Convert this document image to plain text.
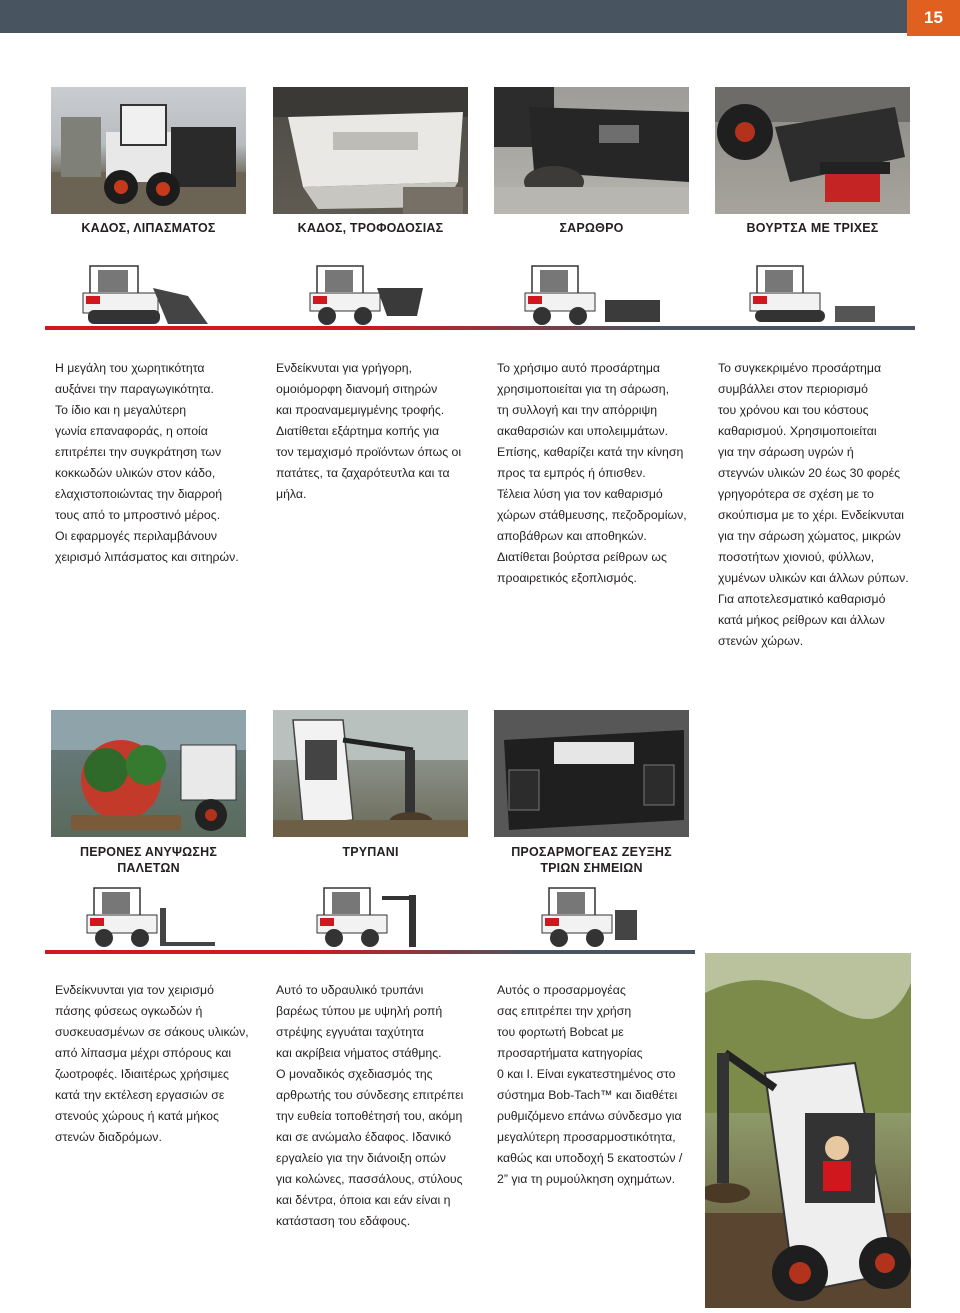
15
ΚΑΔΟΣ, ΛΙΠΑΣΜΑΤΟΣ	ΚΑΔΟΣ, ΤΡΟΦΟΔΟΣΙΑΣ	ΣΑΡΩΘΡΟ	ΒΟΥΡΤΣΑ ΜΕ ΤΡΙΧΕΣ

Η μεγάλη του χωρητικότητα

αυξάνει την παραγωγικότητα.

Το ίδιο και η μεγαλύτερη

γωνία επαναφοράς, η οποία

επιτρέπει την συγκράτηση των

κοκκωδών υλικών στον κάδο,

ελαχιστοποιώντας την διαρροή

τους από το μπροστινό μέρος.

Οι εφαρμογές περιλαμβάνουν

χειρισμό λιπάσματος και σιτηρών.

Ενδείκνυται για γρήγορη,

ομοιόμορφη διανομή σιτηρών

και προαναμεμιγμένης τροφής.

Διατίθεται εξάρτημα κοπής για

τον τεμαχισμό προϊόντων όπως οι

πατάτες, τα ζαχαρότευτλα και τα

μήλα.

Το χρήσιμο αυτό προσάρτημα

χρησιμοποιείται για τη σάρωση,

τη συλλογή και την απόρριψη

ακαθαρσιών και υπολειμμάτων.

Επίσης, καθαρίζει κατά την κίνηση

προς τα εμπρός ή όπισθεν.

Τέλεια λύση για τον καθαρισμό

χώρων στάθμευσης, πεζοδρομίων,

αποβάθρων και αποθηκών.

Διατίθεται βούρτσα ρείθρων ως

προαιρετικός εξοπλισμός.

Το συγκεκριμένο προσάρτημα

συμβάλλει στον περιορισμό

του χρόνου και του κόστους

καθαρισμού. Χρησιμοποιείται

για την σάρωση υγρών ή

στεγνών υλικών 20 έως 30 φορές

γρηγορότερα σε σχέση με το

σκούπισμα με το χέρι. Ενδείκνυται

για την σάρωση χώματος, μικρών

ποσοτήτων χιονιού, φύλλων,

χυμένων υλικών και άλλων ρύπων.

Για αποτελεσματικό καθαρισμό

κατά μήκος ρείθρων και άλλων

στενών χώρων.

ΠΕΡΟΝΕΣ ΑΝΥΨΩΣΗΣ
ΠΑΛΕΤΩΝ
ΤΡΥΠΑΝΙ	ΠΡΟΣΑΡΜΟΓΕΑΣ ΖΕΥΞΗΣ
ΤΡΙΩΝ ΣΗΜΕΙΩΝ

Ενδείκνυνται για τον χειρισμό

πάσης φύσεως ογκωδών ή

συσκευασμένων σε σάκους υλικών,

από λίπασμα μέχρι σπόρους και

ζωοτροφές. Ιδιαιτέρως χρήσιμες

κατά την εκτέλεση εργασιών σε

στενούς χώρους ή κατά μήκος

στενών διαδρόμων.

Αυτό το υδραυλικό τρυπάνι

βαρέως τύπου με υψηλή ροπή

στρέψης εγγυάται ταχύτητα

και ακρίβεια νήματος στάθμης.

Ο μοναδικός σχεδιασμός της

αρθρωτής του σύνδεσης επιτρέπει

την ευθεία τοποθέτησή του, ακόμη

και σε ανώμαλο έδαφος. Ιδανικό

εργαλείο για την διάνοιξη οπών

για κολώνες, πασσάλους, στύλους

και δέντρα, όποια και εάν είναι η

κατάσταση του εδάφους.

Αυτός ο προσαρμογέας

σας επιτρέπει την χρήση

του φορτωτή Bobcat με

προσαρτήματα κατηγορίας

0 και Ι. Είναι εγκατεστημένος στο

σύστημα Bob-Tach™ και διαθέτει

ρυθμιζόμενο επάνω σύνδεσμο για

μεγαλύτερη προσαρμοστικότητα,

καθώς και υποδοχή 5 εκατοστών /

2” για τη ρυμούλκηση οχημάτων.
